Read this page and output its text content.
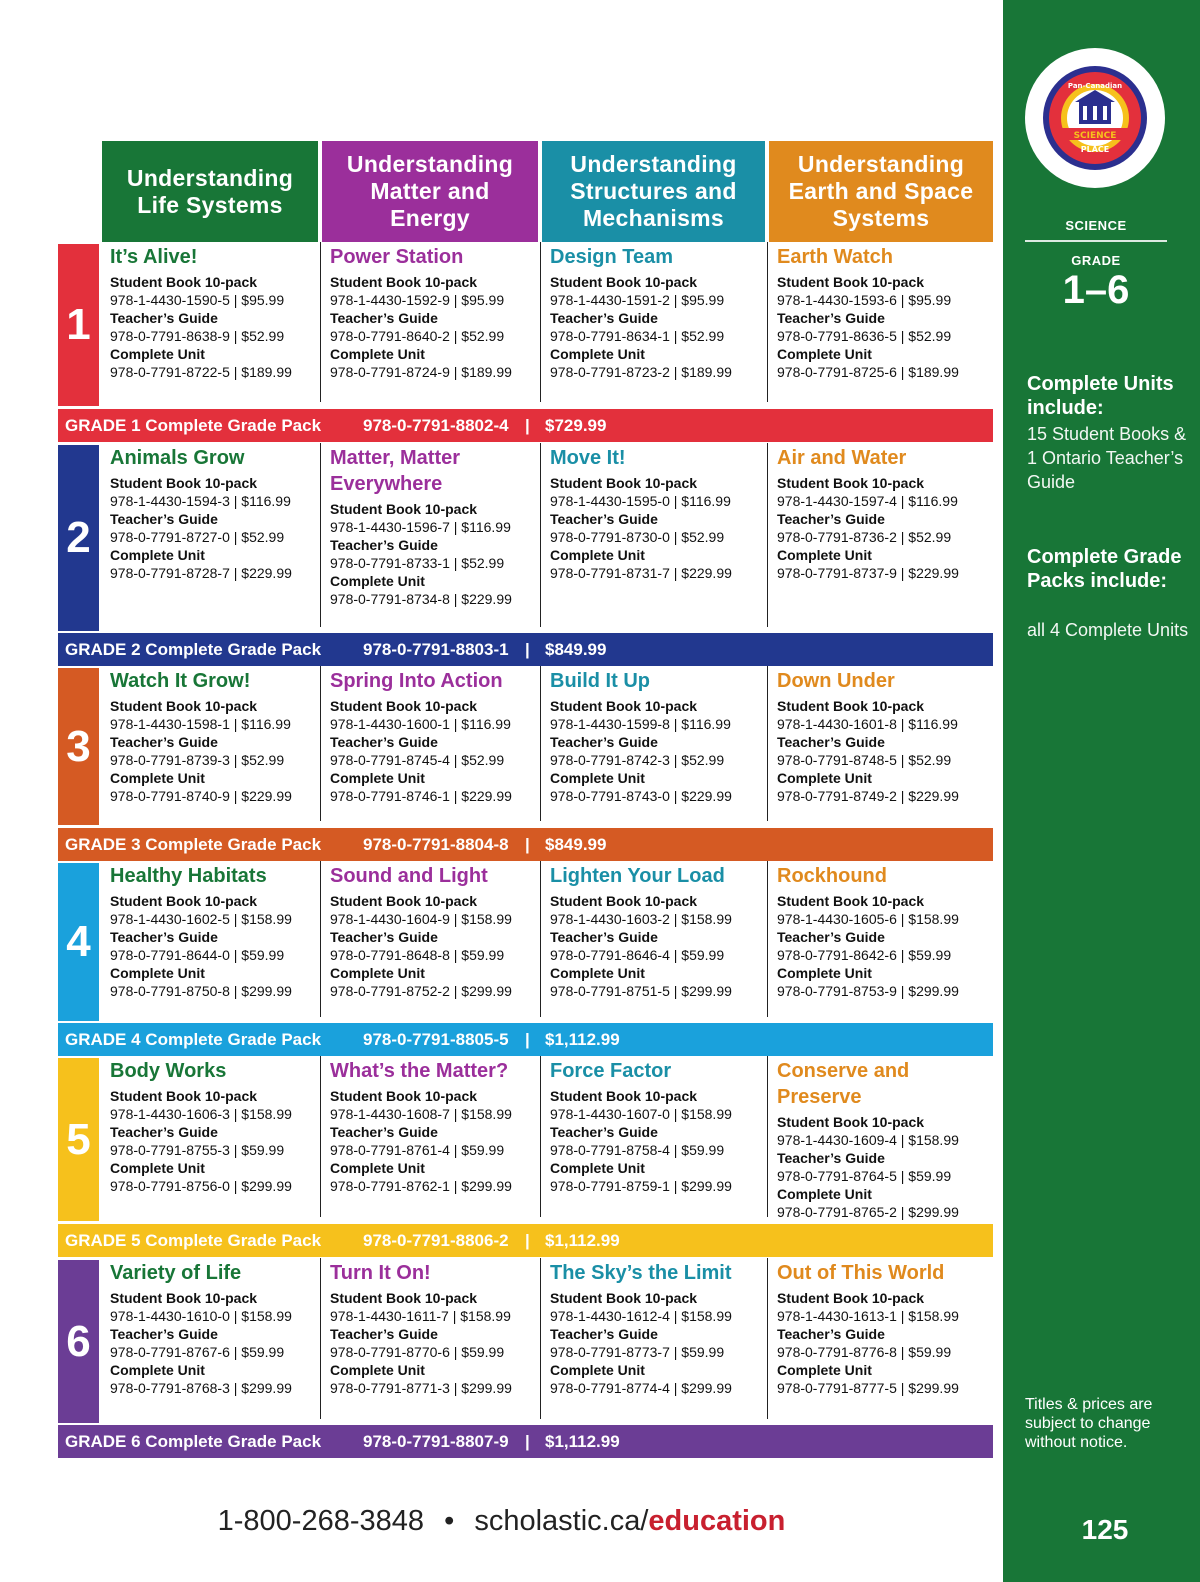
SCIENCE
Pan-Canadian
PLACE
SCIENCE
GRADE
1–6
Complete Units include:
15 Student Books & 1 Ontario Teacher’s Guide
Complete Grade Packs include:
all 4 Complete Units
Titles & prices are subject to change without notice.
125
Understanding Life Systems
Understanding Matter and Energy
Understanding Structures and Mechanisms
Understanding Earth and Space Systems
1
It’s Alive!
Student Book 10-pack
978-1-4430-1590-5 | $95.99
Teacher’s Guide
978-0-7791-8638-9 | $52.99
Complete Unit
978-0-7791-8722-5 | $189.99
Power Station
Student Book 10-pack
978-1-4430-1592-9 | $95.99
Teacher’s Guide
978-0-7791-8640-2 | $52.99
Complete Unit
978-0-7791-8724-9 | $189.99
Design Team
Student Book 10-pack
978-1-4430-1591-2 | $95.99
Teacher’s Guide
978-0-7791-8634-1 | $52.99
Complete Unit
978-0-7791-8723-2 | $189.99
Earth Watch
Student Book 10-pack
978-1-4430-1593-6 | $95.99
Teacher’s Guide
978-0-7791-8636-5 | $52.99
Complete Unit
978-0-7791-8725-6 | $189.99
GRADE 1 Complete Grade Pack 978-0-7791-8802-4 | $729.99
2
Animals Grow
Student Book 10-pack
978-1-4430-1594-3 | $116.99
Teacher’s Guide
978-0-7791-8727-0 | $52.99
Complete Unit
978-0-7791-8728-7 | $229.99
Matter, Matter Everywhere
Student Book 10-pack
978-1-4430-1596-7 | $116.99
Teacher’s Guide
978-0-7791-8733-1 | $52.99
Complete Unit
978-0-7791-8734-8 | $229.99
Move It!
Student Book 10-pack
978-1-4430-1595-0 | $116.99
Teacher’s Guide
978-0-7791-8730-0 | $52.99
Complete Unit
978-0-7791-8731-7 | $229.99
Air and Water
Student Book 10-pack
978-1-4430-1597-4 | $116.99
Teacher’s Guide
978-0-7791-8736-2 | $52.99
Complete Unit
978-0-7791-8737-9 | $229.99
GRADE 2 Complete Grade Pack 978-0-7791-8803-1 | $849.99
3
Watch It Grow!
Student Book 10-pack
978-1-4430-1598-1 | $116.99
Teacher’s Guide
978-0-7791-8739-3 | $52.99
Complete Unit
978-0-7791-8740-9 | $229.99
Spring Into Action
Student Book 10-pack
978-1-4430-1600-1 | $116.99
Teacher’s Guide
978-0-7791-8745-4 | $52.99
Complete Unit
978-0-7791-8746-1 | $229.99
Build It Up
Student Book 10-pack
978-1-4430-1599-8 | $116.99
Teacher’s Guide
978-0-7791-8742-3 | $52.99
Complete Unit
978-0-7791-8743-0 | $229.99
Down Under
Student Book 10-pack
978-1-4430-1601-8 | $116.99
Teacher’s Guide
978-0-7791-8748-5 | $52.99
Complete Unit
978-0-7791-8749-2 | $229.99
GRADE 3 Complete Grade Pack 978-0-7791-8804-8 | $849.99
4
Healthy Habitats
Student Book 10-pack
978-1-4430-1602-5 | $158.99
Teacher’s Guide
978-0-7791-8644-0 | $59.99
Complete Unit
978-0-7791-8750-8 | $299.99
Sound and Light
Student Book 10-pack
978-1-4430-1604-9 | $158.99
Teacher’s Guide
978-0-7791-8648-8 | $59.99
Complete Unit
978-0-7791-8752-2 | $299.99
Lighten Your Load
Student Book 10-pack
978-1-4430-1603-2 | $158.99
Teacher’s Guide
978-0-7791-8646-4 | $59.99
Complete Unit
978-0-7791-8751-5 | $299.99
Rockhound
Student Book 10-pack
978-1-4430-1605-6 | $158.99
Teacher’s Guide
978-0-7791-8642-6 | $59.99
Complete Unit
978-0-7791-8753-9 | $299.99
GRADE 4 Complete Grade Pack 978-0-7791-8805-5 | $1,112.99
5
Body Works
Student Book 10-pack
978-1-4430-1606-3 | $158.99
Teacher’s Guide
978-0-7791-8755-3 | $59.99
Complete Unit
978-0-7791-8756-0 | $299.99
What’s the Matter?
Student Book 10-pack
978-1-4430-1608-7 | $158.99
Teacher’s Guide
978-0-7791-8761-4 | $59.99
Complete Unit
978-0-7791-8762-1 | $299.99
Force Factor
Student Book 10-pack
978-1-4430-1607-0 | $158.99
Teacher’s Guide
978-0-7791-8758-4 | $59.99
Complete Unit
978-0-7791-8759-1 | $299.99
Conserve and Preserve
Student Book 10-pack
978-1-4430-1609-4 | $158.99
Teacher’s Guide
978-0-7791-8764-5 | $59.99
Complete Unit
978-0-7791-8765-2 | $299.99
GRADE 5 Complete Grade Pack 978-0-7791-8806-2 | $1,112.99
6
Variety of Life
Student Book 10-pack
978-1-4430-1610-0 | $158.99
Teacher’s Guide
978-0-7791-8767-6 | $59.99
Complete Unit
978-0-7791-8768-3 | $299.99
Turn It On!
Student Book 10-pack
978-1-4430-1611-7 | $158.99
Teacher’s Guide
978-0-7791-8770-6 | $59.99
Complete Unit
978-0-7791-8771-3 | $299.99
The Sky’s the Limit
Student Book 10-pack
978-1-4430-1612-4 | $158.99
Teacher’s Guide
978-0-7791-8773-7 | $59.99
Complete Unit
978-0-7791-8774-4 | $299.99
Out of This World
Student Book 10-pack
978-1-4430-1613-1 | $158.99
Teacher’s Guide
978-0-7791-8776-8 | $59.99
Complete Unit
978-0-7791-8777-5 | $299.99
GRADE 6 Complete Grade Pack 978-0-7791-8807-9 | $1,112.99
1-800-268-3848 • scholastic.ca/education
